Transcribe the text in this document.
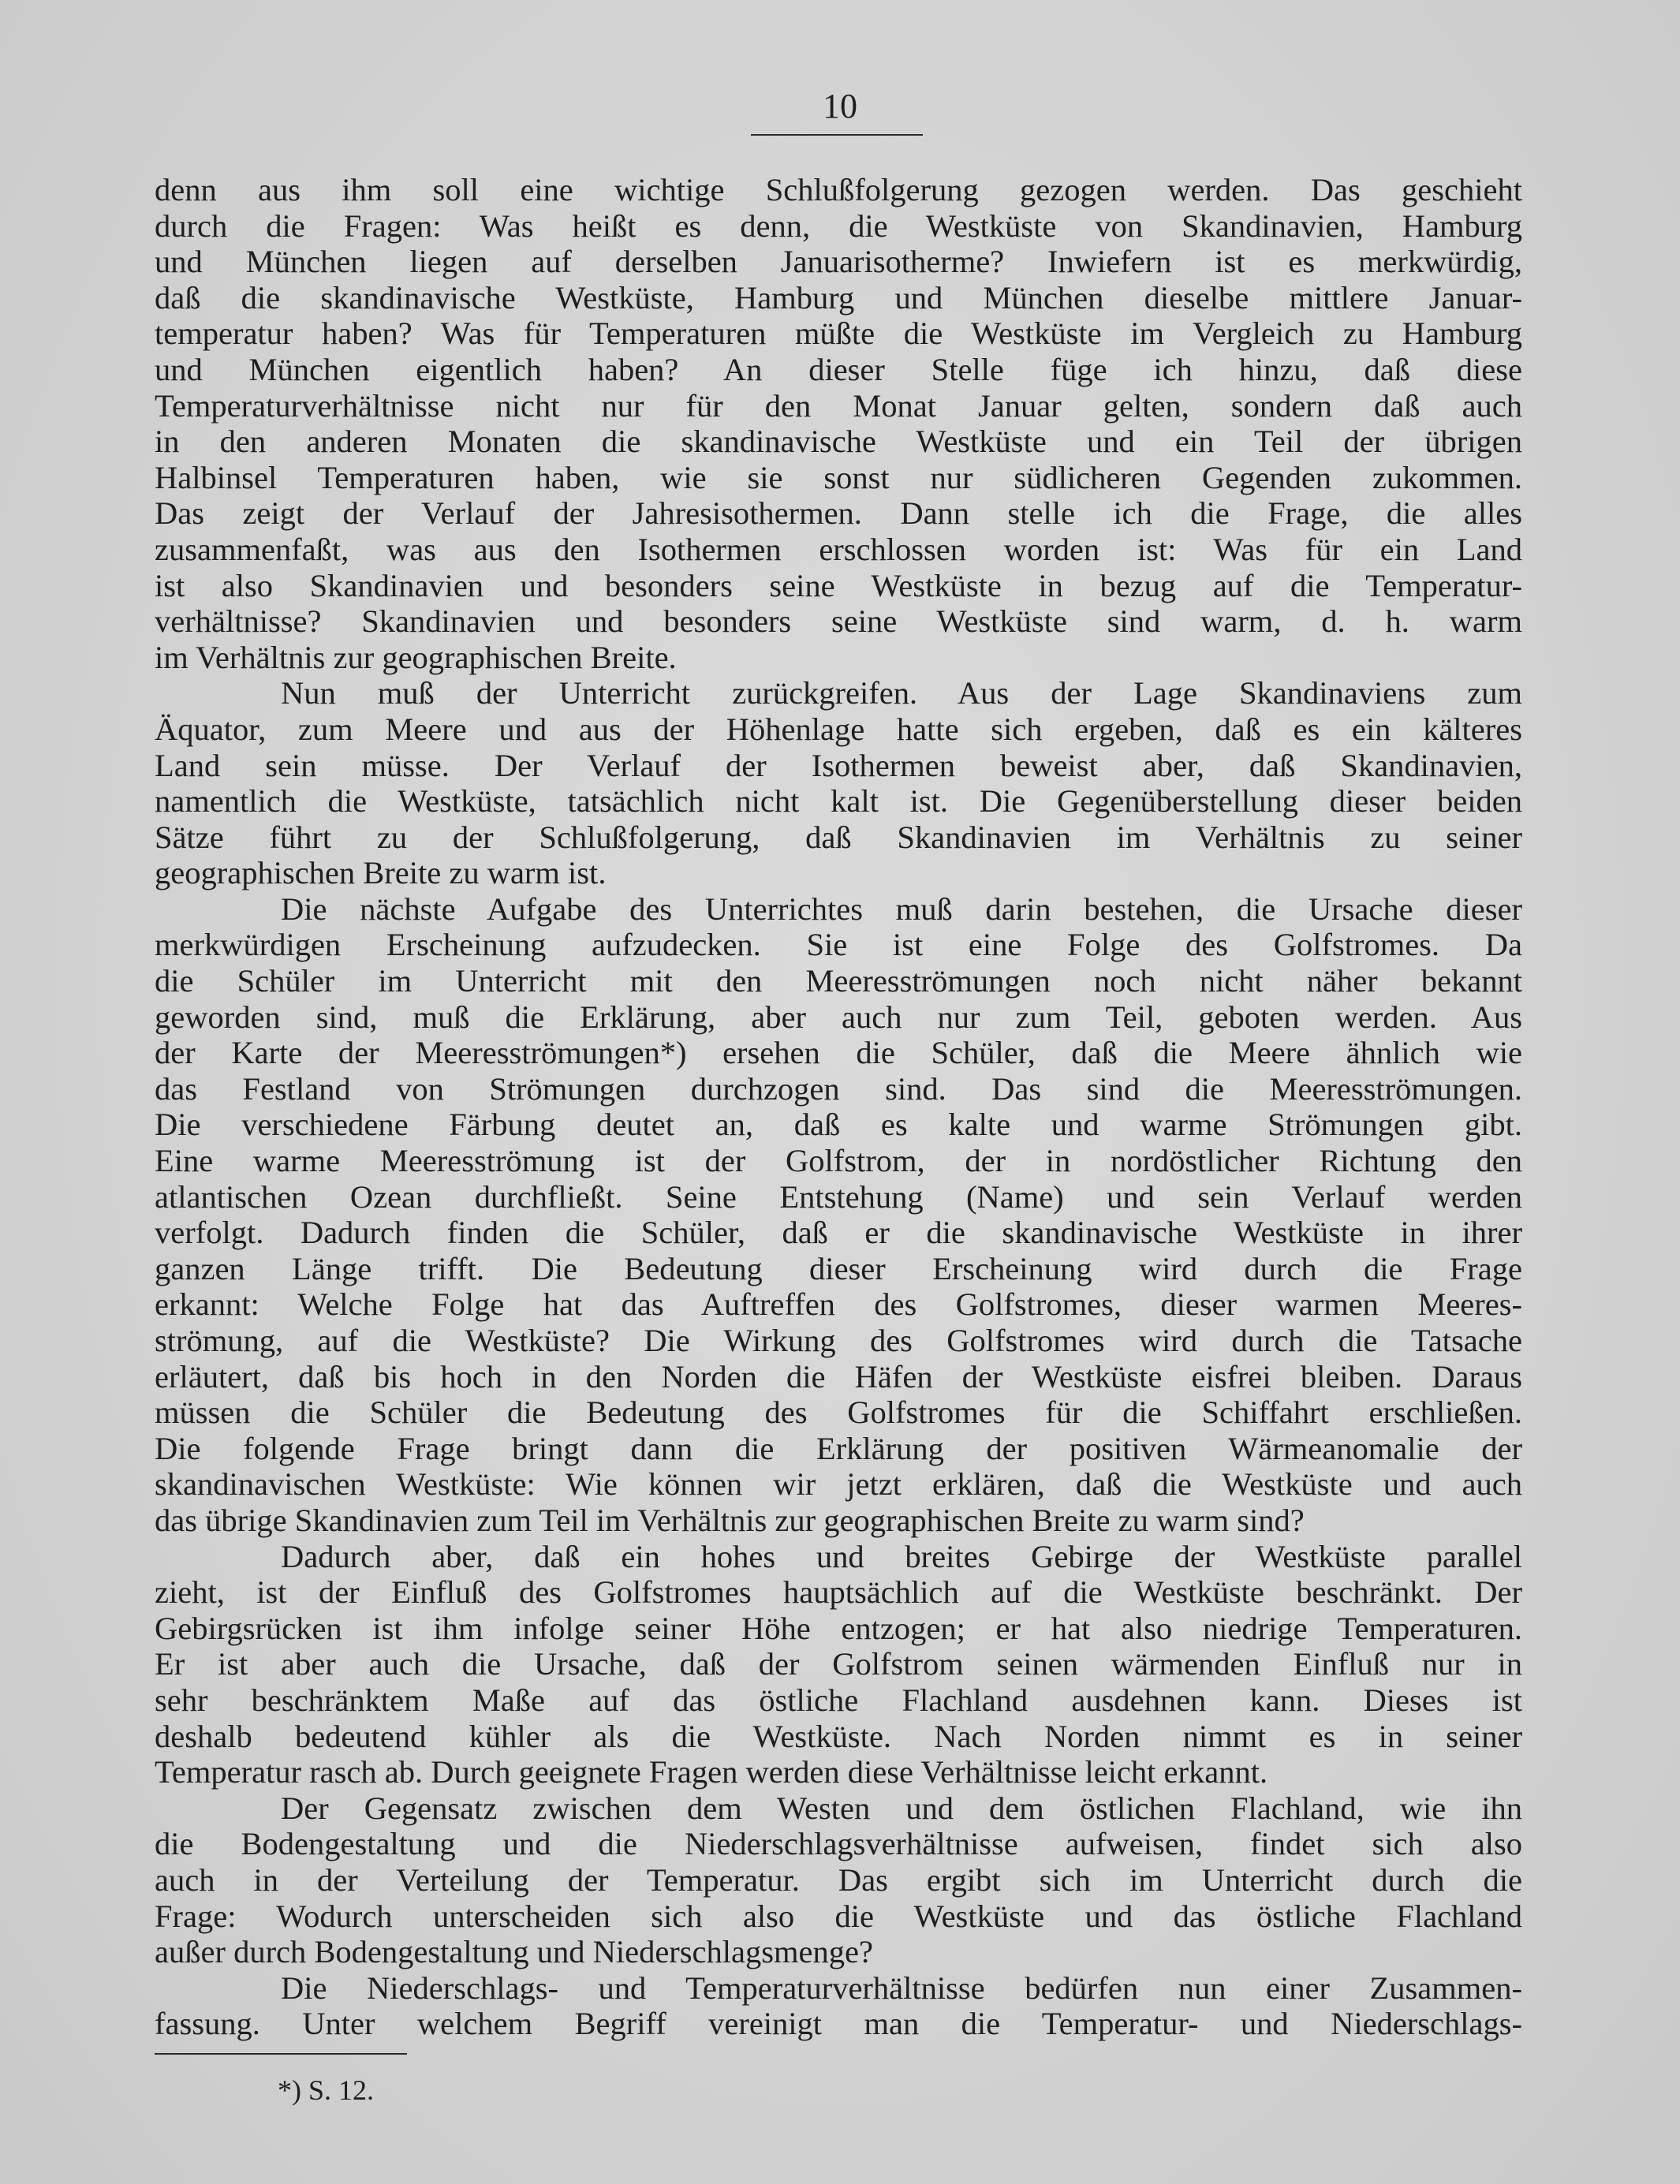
10

denn aus ihm soll eine wichtige Schlußfolgerung gezogen werden. Das geschieht
durch die Fragen: Was heißt es denn, die Westküste von Skandinavien, Hamburg
und München liegen auf derselben Januarisotherme? Inwiefern ist es merkwürdig,
daß die skandinavische Westküste, Hamburg und München dieselbe mittlere Januar-
temperatur haben? Was für Temperaturen müßte die Westküste im Vergleich zu Hamburg
und München eigentlich haben? An dieser Stelle füge ich hinzu, daß diese
Temperaturverhältnisse nicht nur für den Monat Januar gelten, sondern daß auch
in den anderen Monaten die skandinavische Westküste und ein Teil der übrigen
Halbinsel Temperaturen haben, wie sie sonst nur südlicheren Gegenden zukommen.
Das zeigt der Verlauf der Jahresisothermen. Dann stelle ich die Frage, die alles
zusammenfaßt, was aus den Isothermen erschlossen worden ist: Was für ein Land
ist also Skandinavien und besonders seine Westküste in bezug auf die Temperatur-
verhältnisse? Skandinavien und besonders seine Westküste sind warm, d. h. warm
im Verhältnis zur geographischen Breite.

Nun muß der Unterricht zurückgreifen. Aus der Lage Skandinaviens zum
Äquator, zum Meere und aus der Höhenlage hatte sich ergeben, daß es ein kälteres
Land sein müsse. Der Verlauf der Isothermen beweist aber, daß Skandinavien,
namentlich die Westküste, tatsächlich nicht kalt ist. Die Gegenüberstellung dieser beiden
Sätze führt zu der Schlußfolgerung, daß Skandinavien im Verhältnis zu seiner
geographischen Breite zu warm ist.

Die nächste Aufgabe des Unterrichtes muß darin bestehen, die Ursache dieser
merkwürdigen Erscheinung aufzudecken. Sie ist eine Folge des Golfstromes. Da
die Schüler im Unterricht mit den Meeresströmungen noch nicht näher bekannt
geworden sind, muß die Erklärung, aber auch nur zum Teil, geboten werden. Aus
der Karte der Meeresströmungen*) ersehen die Schüler, daß die Meere ähnlich wie
das Festland von Strömungen durchzogen sind. Das sind die Meeresströmungen.
Die verschiedene Färbung deutet an, daß es kalte und warme Strömungen gibt.
Eine warme Meeresströmung ist der Golfstrom, der in nordöstlicher Richtung den
atlantischen Ozean durchfließt. Seine Entstehung (Name) und sein Verlauf werden
verfolgt. Dadurch finden die Schüler, daß er die skandinavische Westküste in ihrer
ganzen Länge trifft. Die Bedeutung dieser Erscheinung wird durch die Frage
erkannt: Welche Folge hat das Auftreffen des Golfstromes, dieser warmen Meeres-
strömung, auf die Westküste? Die Wirkung des Golfstromes wird durch die Tatsache
erläutert, daß bis hoch in den Norden die Häfen der Westküste eisfrei bleiben. Daraus
müssen die Schüler die Bedeutung des Golfstromes für die Schiffahrt erschließen.
Die folgende Frage bringt dann die Erklärung der positiven Wärmeanomalie der
skandinavischen Westküste: Wie können wir jetzt erklären, daß die Westküste und auch
das übrige Skandinavien zum Teil im Verhältnis zur geographischen Breite zu warm sind?

Dadurch aber, daß ein hohes und breites Gebirge der Westküste parallel
zieht, ist der Einfluß des Golfstromes hauptsächlich auf die Westküste beschränkt. Der
Gebirgsrücken ist ihm infolge seiner Höhe entzogen; er hat also niedrige Temperaturen.
Er ist aber auch die Ursache, daß der Golfstrom seinen wärmenden Einfluß nur in
sehr beschränktem Maße auf das östliche Flachland ausdehnen kann. Dieses ist
deshalb bedeutend kühler als die Westküste. Nach Norden nimmt es in seiner
Temperatur rasch ab. Durch geeignete Fragen werden diese Verhältnisse leicht erkannt.

Der Gegensatz zwischen dem Westen und dem östlichen Flachland, wie ihn
die Bodengestaltung und die Niederschlagsverhältnisse aufweisen, findet sich also
auch in der Verteilung der Temperatur. Das ergibt sich im Unterricht durch die
Frage: Wodurch unterscheiden sich also die Westküste und das östliche Flachland
außer durch Bodengestaltung und Niederschlagsmenge?

Die Niederschlags- und Temperaturverhältnisse bedürfen nun einer Zusammen-
fassung. Unter welchem Begriff vereinigt man die Temperatur- und Niederschlags-

*) S. 12.
